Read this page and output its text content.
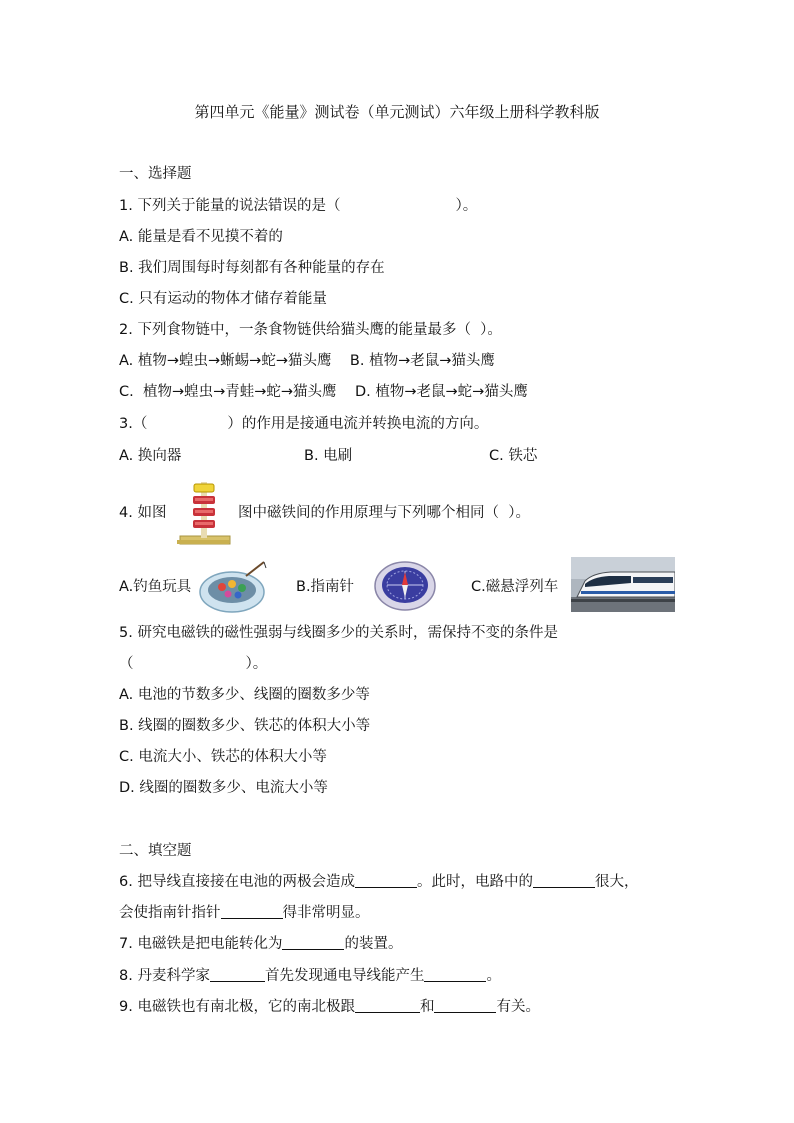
第四单元《能量》测试卷（单元测试）六年级上册科学教科版
一、选择题
1. 下列关于能量的说法错误的是（	）。
A. 能量是看不见摸不着的
B. 我们周围每时每刻都有各种能量的存在
C. 只有运动的物体才储存着能量
2. 下列食物链中，一条食物链供给猫头鹰的能量最多（  ）。
A. 植物→蝗虫→蜥蜴→蛇→猫头鹰    B. 植物→老鼠→猫头鹰
C.  植物→蝗虫→青蛙→蛇→猫头鹰    D. 植物→老鼠→蛇→猫头鹰
3.（	）的作用是接通电流并转换电流的方向。
A. 换向器	B. 电刷	C. 铁芯
4. 如图	图中磁铁间的作用原理与下列哪个相同（  ）。
A.钓鱼玩具	B.指南针	C.磁悬浮列车
5. 研究电磁铁的磁性强弱与线圈多少的关系时，需保持不变的条件是
（	）。
A. 电池的节数多少、线圈的圈数多少等
B. 线圈的圈数多少、铁芯的体积大小等
C. 电流大小、铁芯的体积大小等
D. 线圈的圈数多少、电流大小等
二、填空题
6. 把导线直接接在电池的两极会造成	。此时，电路中的	很大，
会使指南针指针	得非常明显。
7. 电磁铁是把电能转化为	的装置。
8. 丹麦科学家	首先发现通电导线能产生	。
9. 电磁铁也有南北极，它的南北极跟	和	有关。
